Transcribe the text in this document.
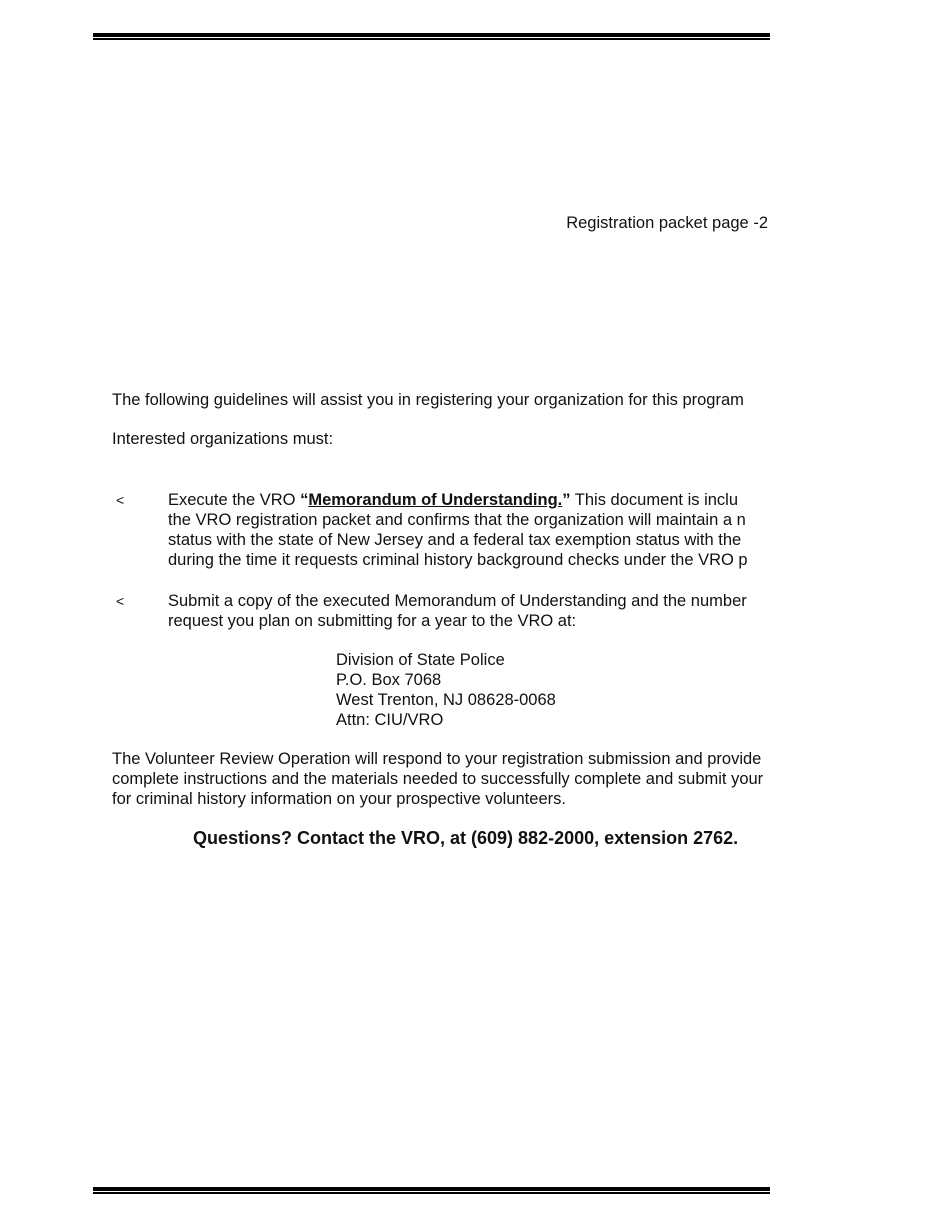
Registration packet page -2
The following guidelines will assist you in registering your organization for this program
Interested organizations must:
<	Execute the VRO “Memorandum of Understanding.” This document is inclu
the VRO registration packet and confirms that the organization will maintain a n
status with the state of New Jersey and a federal tax exemption status with the
during the time it requests criminal history background checks under the VRO p
<	Submit a copy of the executed Memorandum of Understanding and the number
request you plan on submitting for a year to the VRO at:
Division of State Police
P.O. Box 7068
West Trenton, NJ 08628-0068
Attn: CIU/VRO
The Volunteer Review Operation will respond to your registration submission and provide
complete instructions and the materials needed to successfully complete and submit your
for criminal history information on your prospective volunteers.
Questions? Contact the VRO, at (609) 882-2000, extension 2762.
